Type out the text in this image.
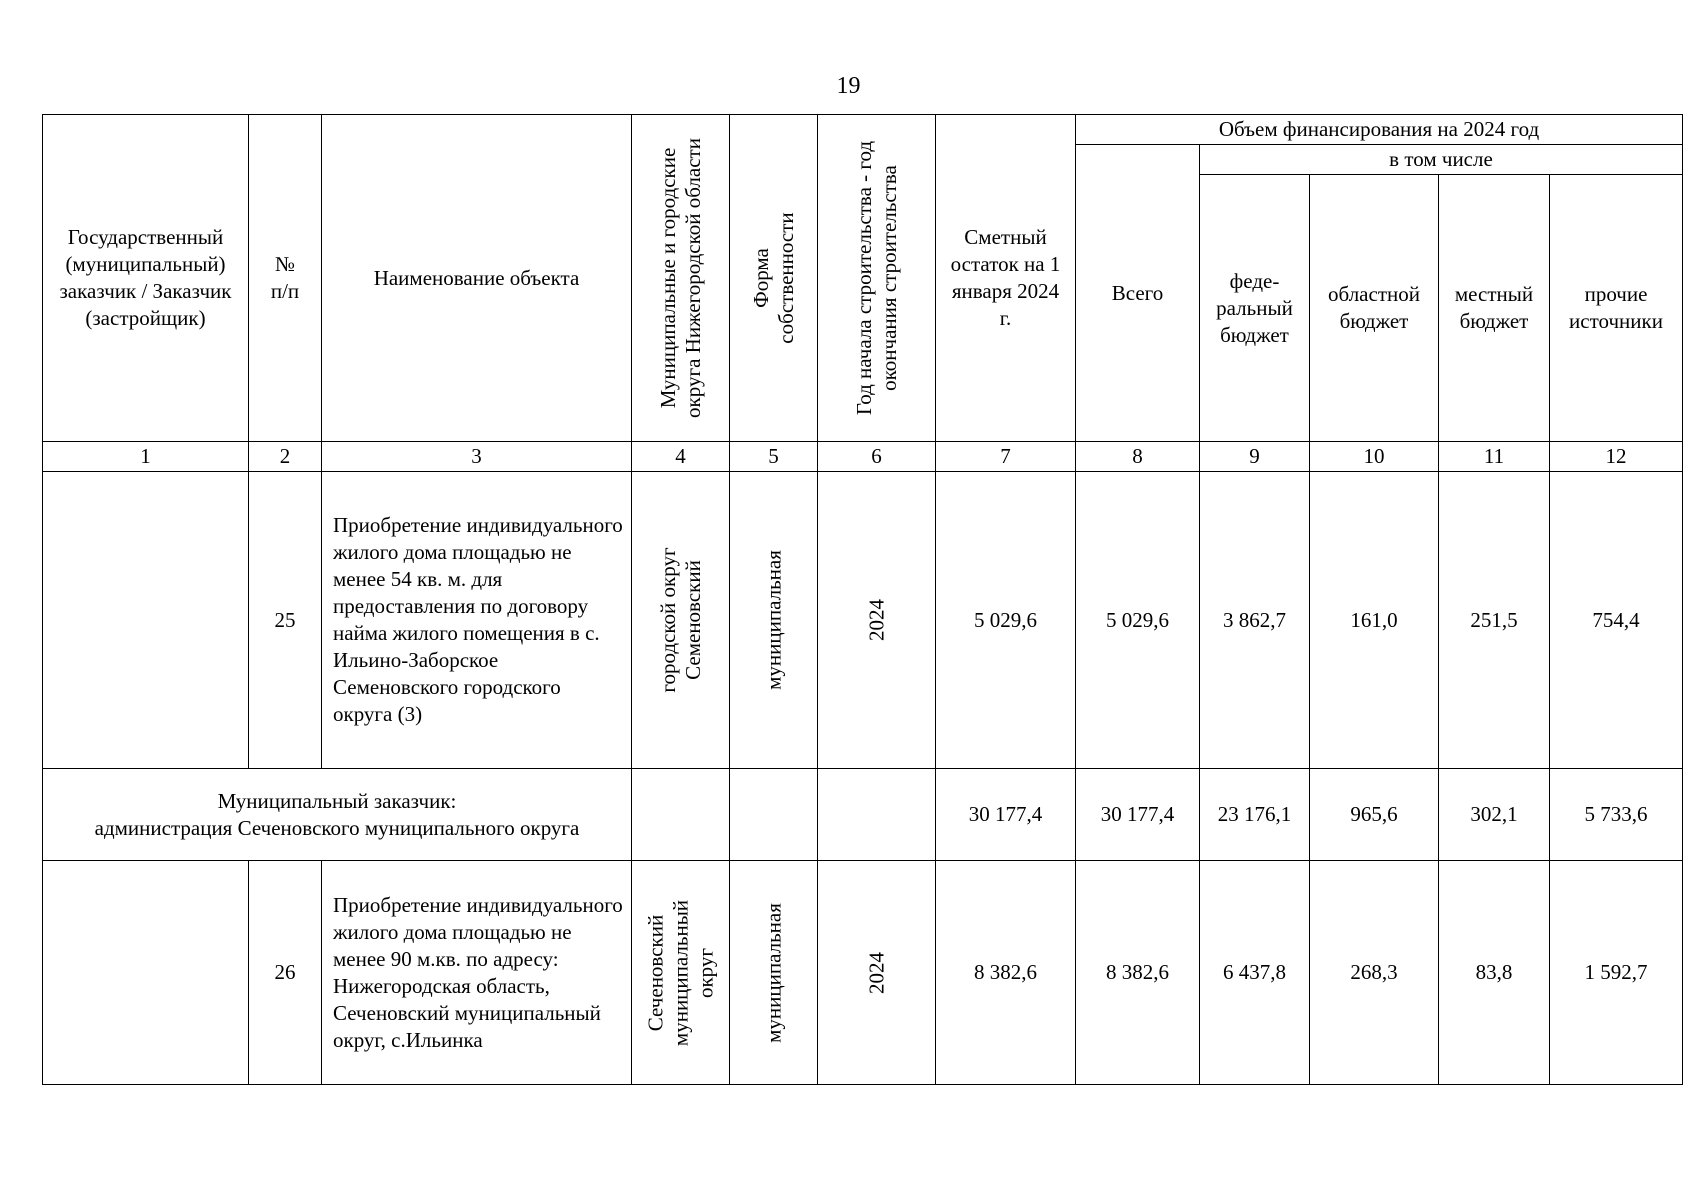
19
Государственный (муниципальный) заказчик / Заказчик (застройщик)	№ п/п	Наименование объекта	Муниципальные и городские округа Нижегородской области	Форма собственности	Год начала строительства - год окончания строительства	Сметный остаток на 1 января 2024 г.	Объем финансирования на 2024 год				
							Всего	в том числе			
								феде-ральный бюджет	областной бюджет	местный бюджет	прочие источники
1	2	3	4	5	6	7	8	9	10	11	12
	25	Приобретение индивидуального жилого дома площадью не менее 54 кв. м. для предоставления по договору найма жилого помещения в с. Ильино-Заборское Семеновского городского округа (3)	городской округ Семеновский	муниципальная	2024	5 029,6	5 029,6	3 862,7	161,0	251,5	754,4

Муниципальный заказчик:
администрация Сеченовского муниципального округа						30 177,4	30 177,4	23 176,1	965,6	302,1	5 733,6
	26	Приобретение индивидуального жилого дома площадью не менее 90 м.кв. по адресу: Нижегородская область, Сеченовский муниципальный округ, с.Ильинка	Сеченовский муниципальный округ	муниципальная	2024	8 382,6	8 382,6	6 437,8	268,3	83,8	1 592,7
